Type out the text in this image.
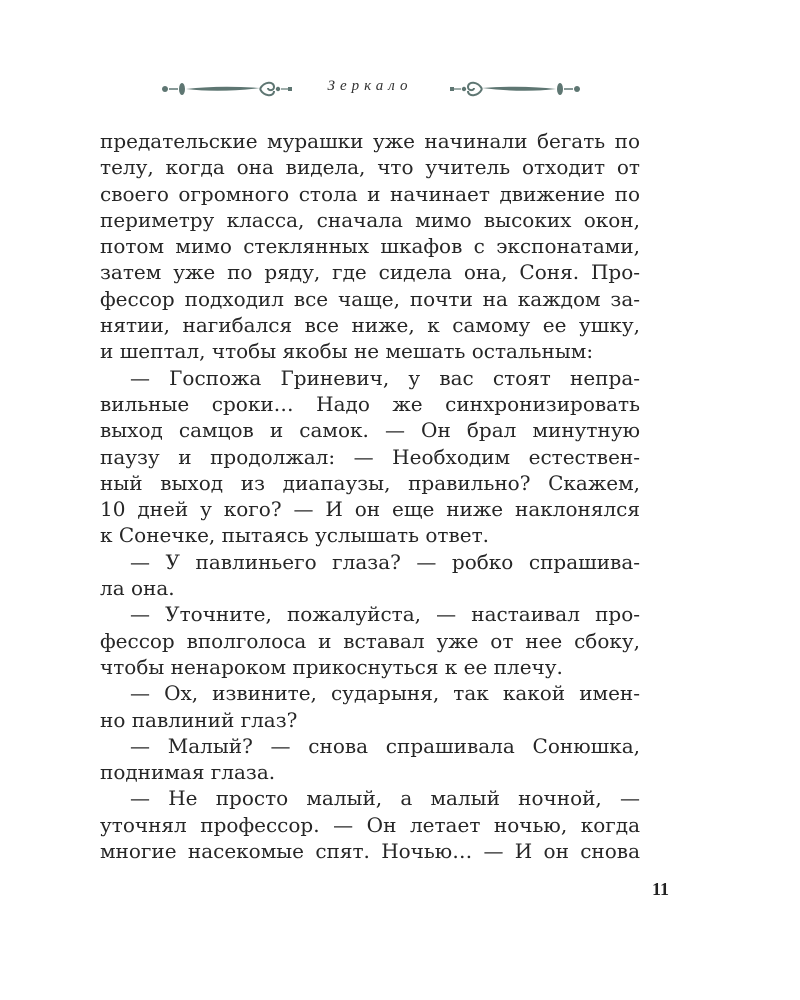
Зеркало
предательские мурашки уже начинали бегать по
телу, когда она видела, что учитель отходит от
своего огромного стола и начинает движение по
периметру класса, сначала мимо высоких окон,
потом мимо стеклянных шкафов с экспонатами,
затем уже по ряду, где сидела она, Соня. Про-
фессор подходил все чаще, почти на каждом за-
нятии, нагибался все ниже, к самому ее ушку,
и шептал, чтобы якобы не мешать остальным:
— Госпожа Гриневич, у вас стоят непра-
вильные сроки… Надо же синхронизировать
выход самцов и самок. — Он брал минутную
паузу и продолжал: — Необходим естествен-
ный выход из диапаузы, правильно? Скажем,
10 дней у кого? — И он еще ниже наклонялся
к Сонечке, пытаясь услышать ответ.
— У павлиньего глаза? — робко спрашива-
ла она.
— Уточните, пожалуйста, — настаивал про-
фессор вполголоса и вставал уже от нее сбоку,
чтобы ненароком прикоснуться к ее плечу.
— Ох, извините, сударыня, так какой имен-
но павлиний глаз?
— Малый? — снова спрашивала Сонюшка,
поднимая глаза.
— Не просто малый, а малый ночной, —
уточнял профессор. — Он летает ночью, когда
многие насекомые спят. Ночью… — И он снова
11
